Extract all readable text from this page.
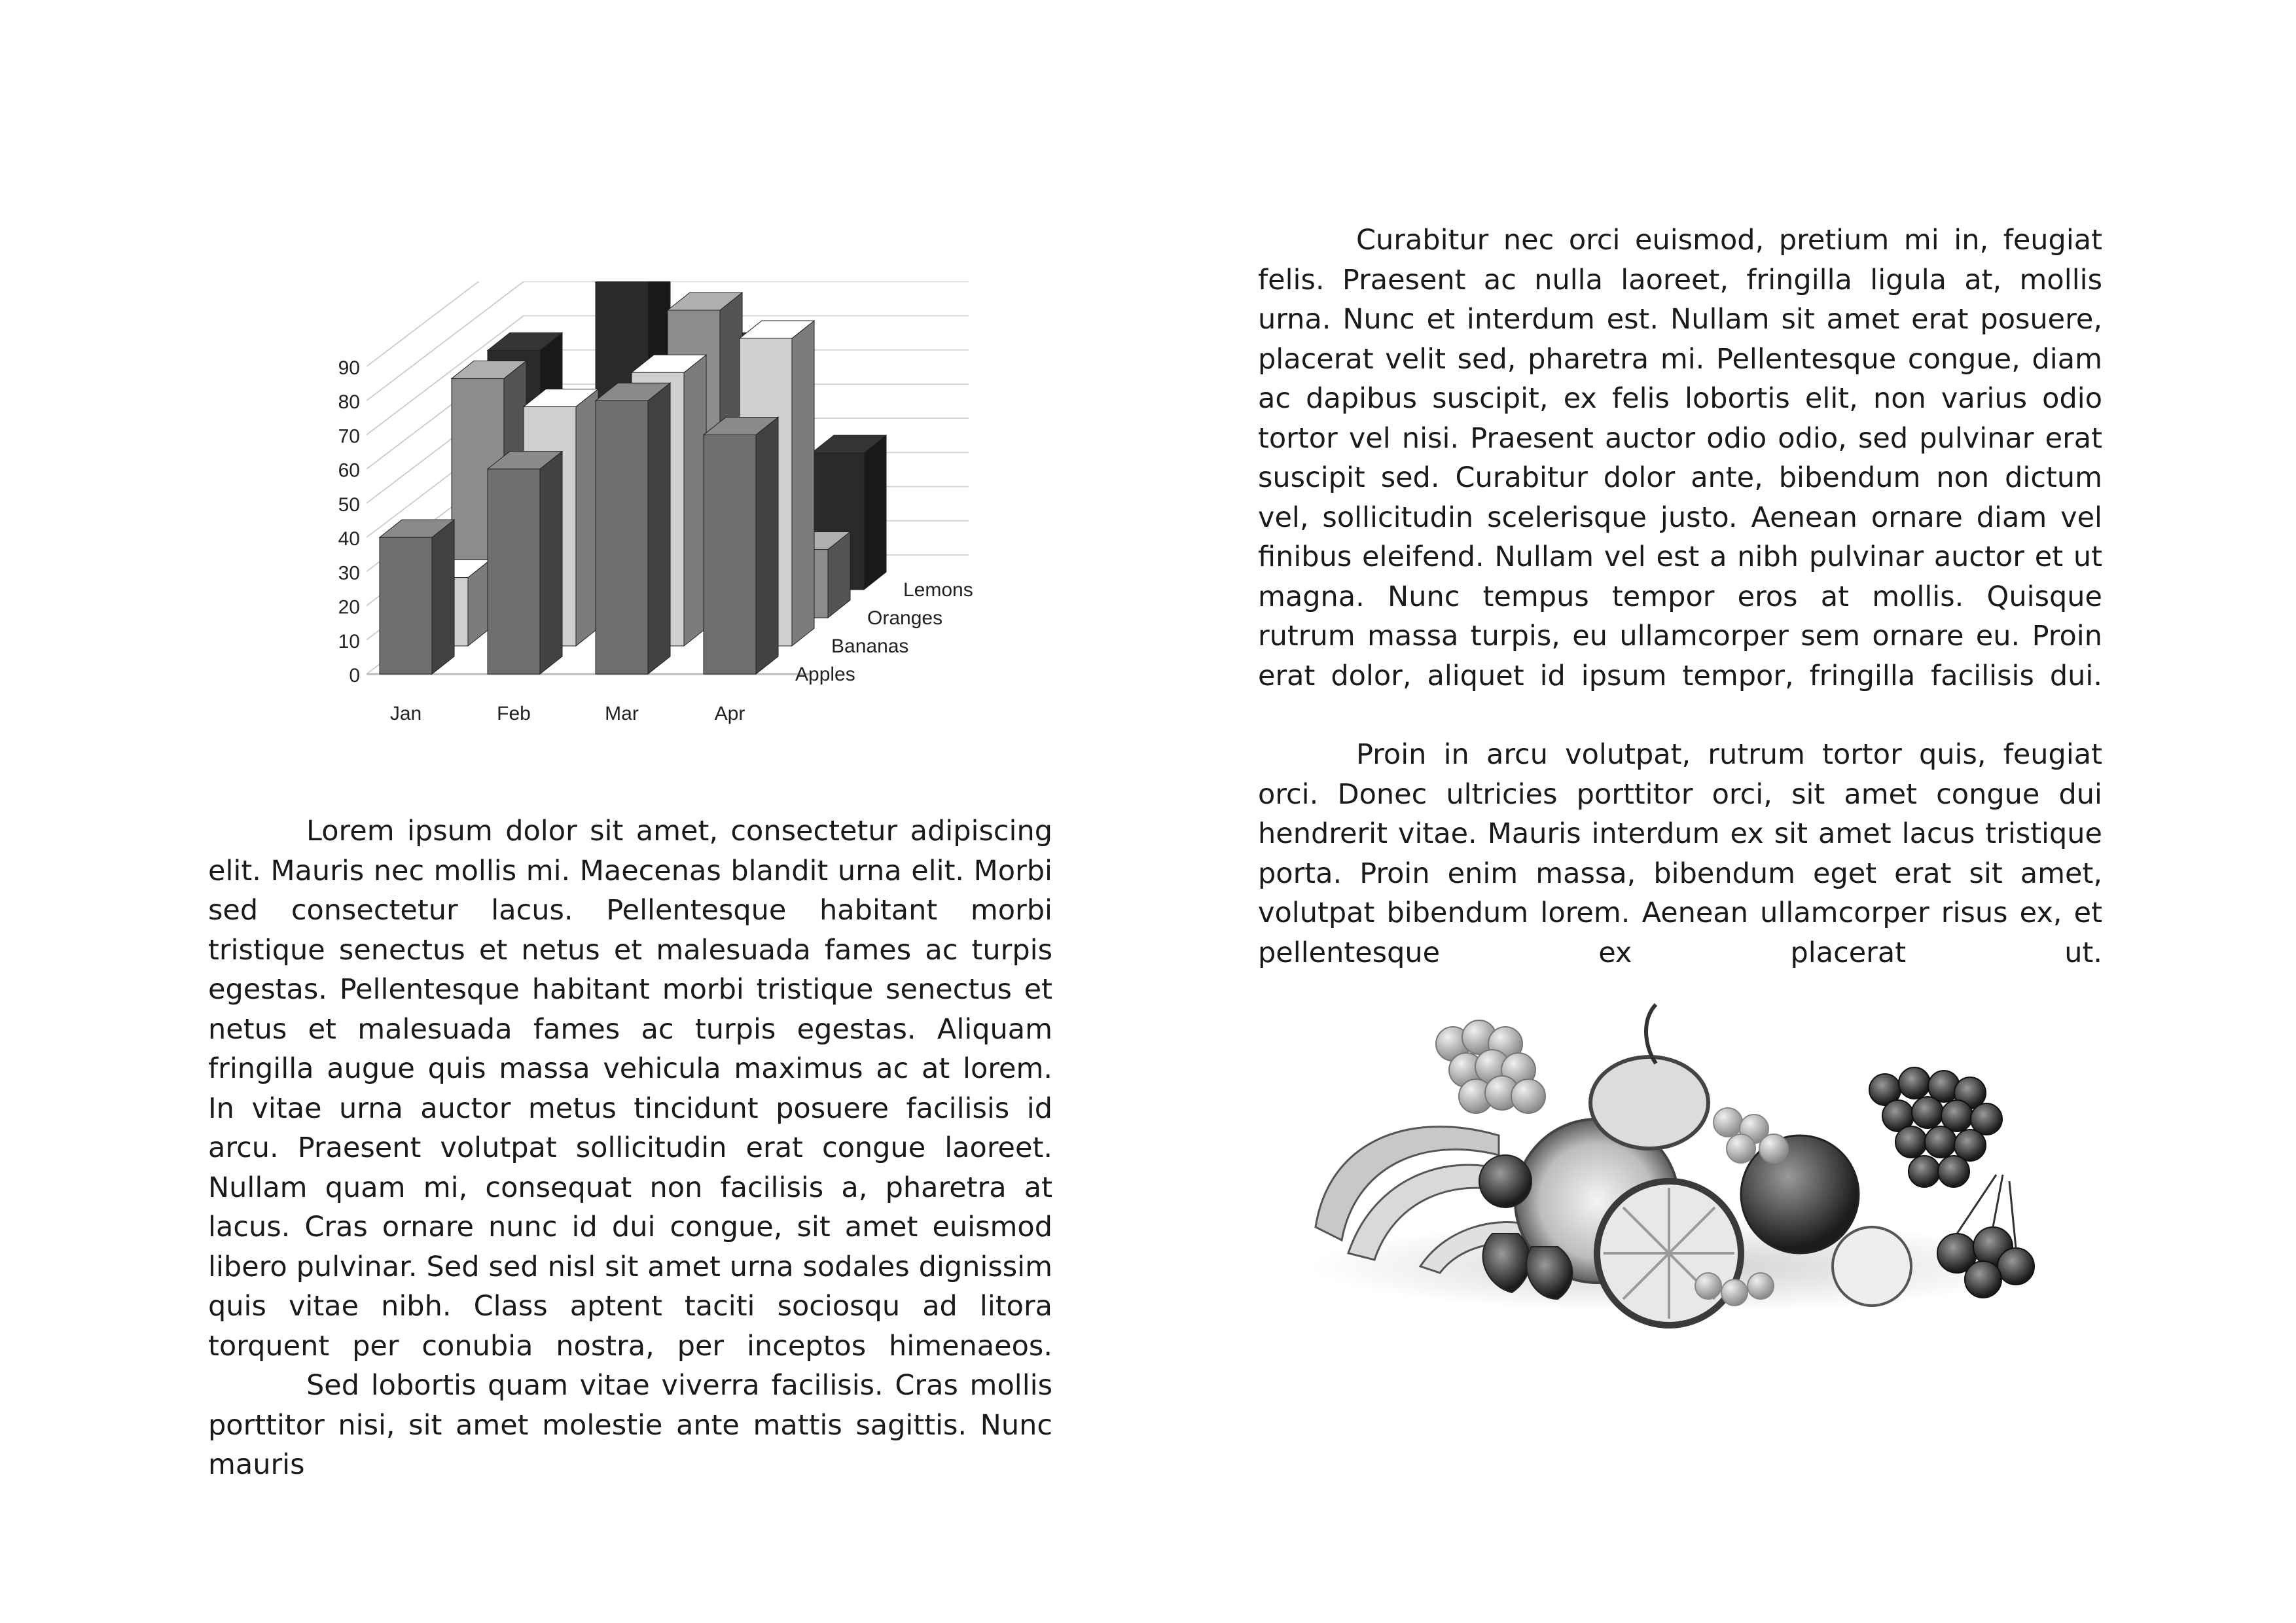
0
10
20
30
40
50
60
70
80
90
Lemons
Oranges
Bananas
Apples
Jan	Feb	Mar	Apr

Lorem ipsum dolor sit amet, consectetur adipiscing elit. Mauris nec mollis mi. Maecenas blandit urna elit. Morbi sed consectetur lacus. Pellentesque habitant morbi tristique senectus et netus et malesuada fames ac turpis egestas. Pellentesque habitant morbi tristique senectus et netus et malesuada fames ac turpis egestas. Aliquam fringilla augue quis massa vehicula maximus ac at lorem. In vitae urna auctor metus tincidunt posuere facilisis id arcu. Praesent volutpat sollicitudin erat congue laoreet. Nullam quam mi, consequat non facilisis a, pharetra at lacus. Cras ornare nunc id dui congue, sit amet euismod libero pulvinar. Sed sed nisl sit amet urna sodales dignissim quis vitae nibh. Class aptent taciti sociosqu ad litora torquent per conubia nostra, per inceptos himenaeos.

Sed lobortis quam vitae viverra facilisis. Cras mollis porttitor nisi, sit amet molestie ante mattis sagittis. Nunc mauris

Curabitur nec orci euismod, pretium mi in, feugiat felis. Praesent ac nulla laoreet, fringilla ligula at, mollis urna. Nunc et interdum est. Nullam sit amet erat posuere, placerat velit sed, pharetra mi. Pellentesque congue, diam ac dapibus suscipit, ex felis lobortis elit, non varius odio tortor vel nisi. Praesent auctor odio odio, sed pulvinar erat suscipit sed. Curabitur dolor ante, bibendum non dictum vel, sollicitudin scelerisque justo. Aenean ornare diam vel finibus eleifend. Nullam vel est a nibh pulvinar auctor et ut magna. Nunc tempus tempor eros at mollis. Quisque rutrum massa turpis, eu ullamcorper sem ornare eu. Proin erat dolor, aliquet id ipsum tempor, fringilla facilisis dui.

Proin in arcu volutpat, rutrum tortor quis, feugiat orci. Donec ultricies porttitor orci, sit amet congue dui hendrerit vitae. Mauris interdum ex sit amet lacus tristique porta. Proin enim massa, bibendum eget erat sit amet, volutpat bibendum lorem. Aenean ullamcorper risus ex, et pellentesque ex placerat ut.
